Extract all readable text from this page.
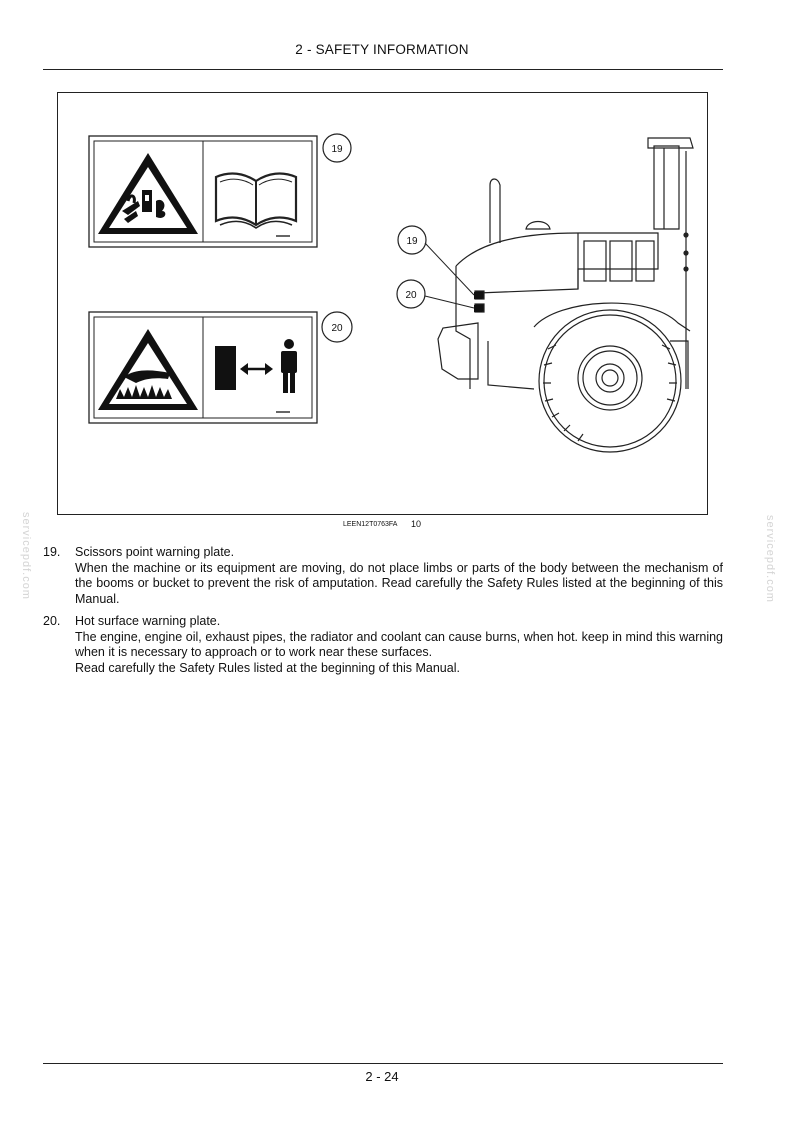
2 - SAFETY INFORMATION
19
20
19
20
LEEN12T0763FA 10
19. Scissors point warning plate.
When the machine or its equipment are moving, do not place limbs or parts of the body between the mechanism of the booms or bucket to prevent the risk of amputation. Read carefully the Safety Rules listed at the beginning of this Manual.
20. Hot surface warning plate.
The engine, engine oil, exhaust pipes, the radiator and coolant can cause burns, when hot. keep in mind this warning when it is necessary to approach or to work near these surfaces.
Read carefully the Safety Rules listed at the beginning of this Manual.
servicepdf.com	servicepdf.com
2 - 24
